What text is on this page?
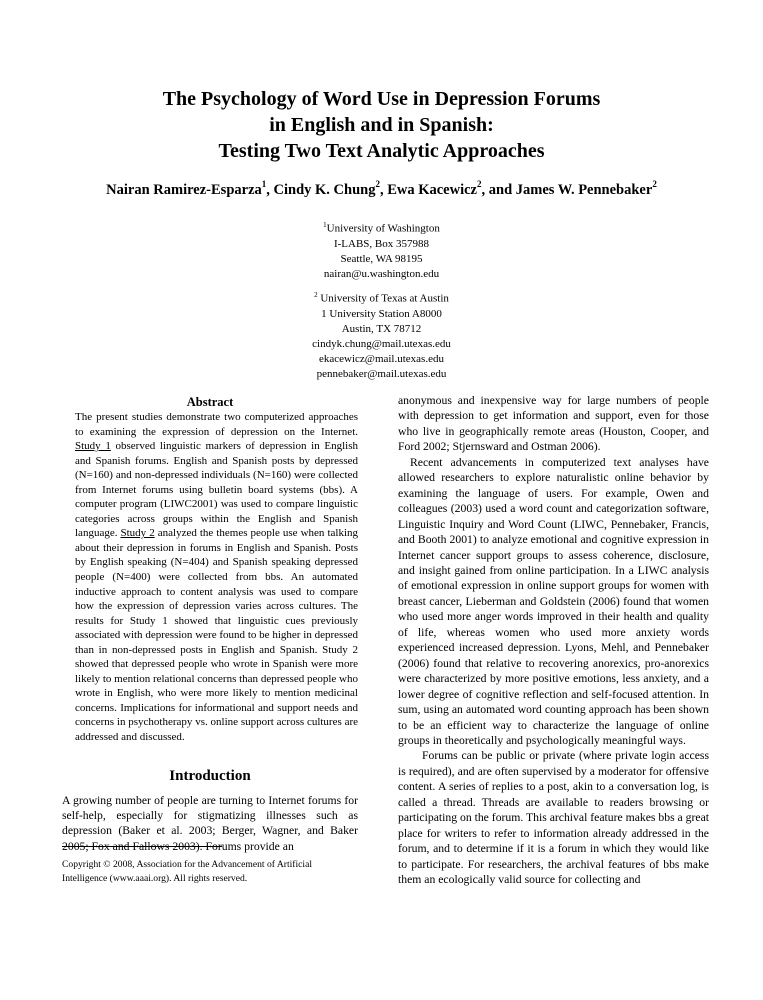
The Psychology of Word Use in Depression Forums
in English and in Spanish:
Testing Two Text Analytic Approaches
Nairan Ramirez-Esparza$^1$, Cindy K. Chung$^2$, Ewa Kacewicz$^2$, and James W. Pennebaker$^2$
$^1$University of Washington
I-LABS, Box 357988
Seattle, WA 98195
nairan@u.washington.edu
$^2$ University of Texas at Austin
1 University Station A8000
Austin, TX 78712
cindyk.chung@mail.utexas.edu
ekacewicz@mail.utexas.edu
pennebaker@mail.utexas.edu
Abstract

The present studies demonstrate two computerized approaches to examining the expression of depression on the Internet. Study 1 observed linguistic markers of depression in English and Spanish forums. English and Spanish posts by depressed (N=160) and non-depressed individuals (N=160) were collected from Internet forums using bulletin board systems (bbs). A computer program (LIWC2001) was used to compare linguistic categories across groups within the English and Spanish language. Study 2 analyzed the themes people use when talking about their depression in forums in English and Spanish. Posts by English speaking (N=404) and Spanish speaking depressed people (N=400) were collected from bbs. An automated inductive approach to content analysis was used to compare how the expression of depression varies across cultures. The results for Study 1 showed that linguistic cues previously associated with depression were found to be higher in depressed than in non-depressed posts in English and Spanish. Study 2 showed that depressed people who wrote in Spanish were more likely to mention relational concerns than depressed people who wrote in English, who were more likely to mention medicinal concerns. Implications for informational and support needs and concerns in psychotherapy vs. online support across cultures are addressed and discussed.

Introduction

A growing number of people are turning to Internet forums for self-help, especially for stigmatizing illnesses such as depression (Baker et al. 2003; Berger, Wagner, and Baker 2005; Fox and Fallows 2003). Forums provide an

Copyright © 2008, Association for the Advancement of Artificial Intelligence (www.aaai.org). All rights reserved.

anonymous and inexpensive way for large numbers of people with depression to get information and support, even for those who live in geographically remote areas (Houston, Cooper, and Ford 2002; Stjernsward and Ostman 2006).

Recent advancements in computerized text analyses have allowed researchers to explore naturalistic online behavior by examining the language of users. For example, Owen and colleagues (2003) used a word count and categorization software, Linguistic Inquiry and Word Count (LIWC, Pennebaker, Francis, and Booth 2001) to analyze emotional and cognitive expression in Internet cancer support groups to assess coherence, disclosure, and insight gained from online participation. In a LIWC analysis of emotional expression in online support groups for women with breast cancer, Lieberman and Goldstein (2006) found that women who used more anger words improved in their health and quality of life, whereas women who used more anxiety words experienced increased depression. Lyons, Mehl, and Pennebaker (2006) found that relative to recovering anorexics, pro-anorexics were characterized by more positive emotions, less anxiety, and a lower degree of cognitive reflection and self-focused attention. In sum, using an automated word counting approach has been shown to be an efficient way to characterize the language of online groups in theoretically and psychologically meaningful ways.

Forums can be public or private (where private login access is required), and are often supervised by a moderator for offensive content. A series of replies to a post, akin to a conversation log, is called a thread. Threads are available to readers browsing or participating on the forum. This archival feature makes bbs a great place for writers to refer to information already addressed in the forum, and to determine if it is a forum in which they would like to participate. For researchers, the archival features of bbs make them an ecologically valid source for collecting and
